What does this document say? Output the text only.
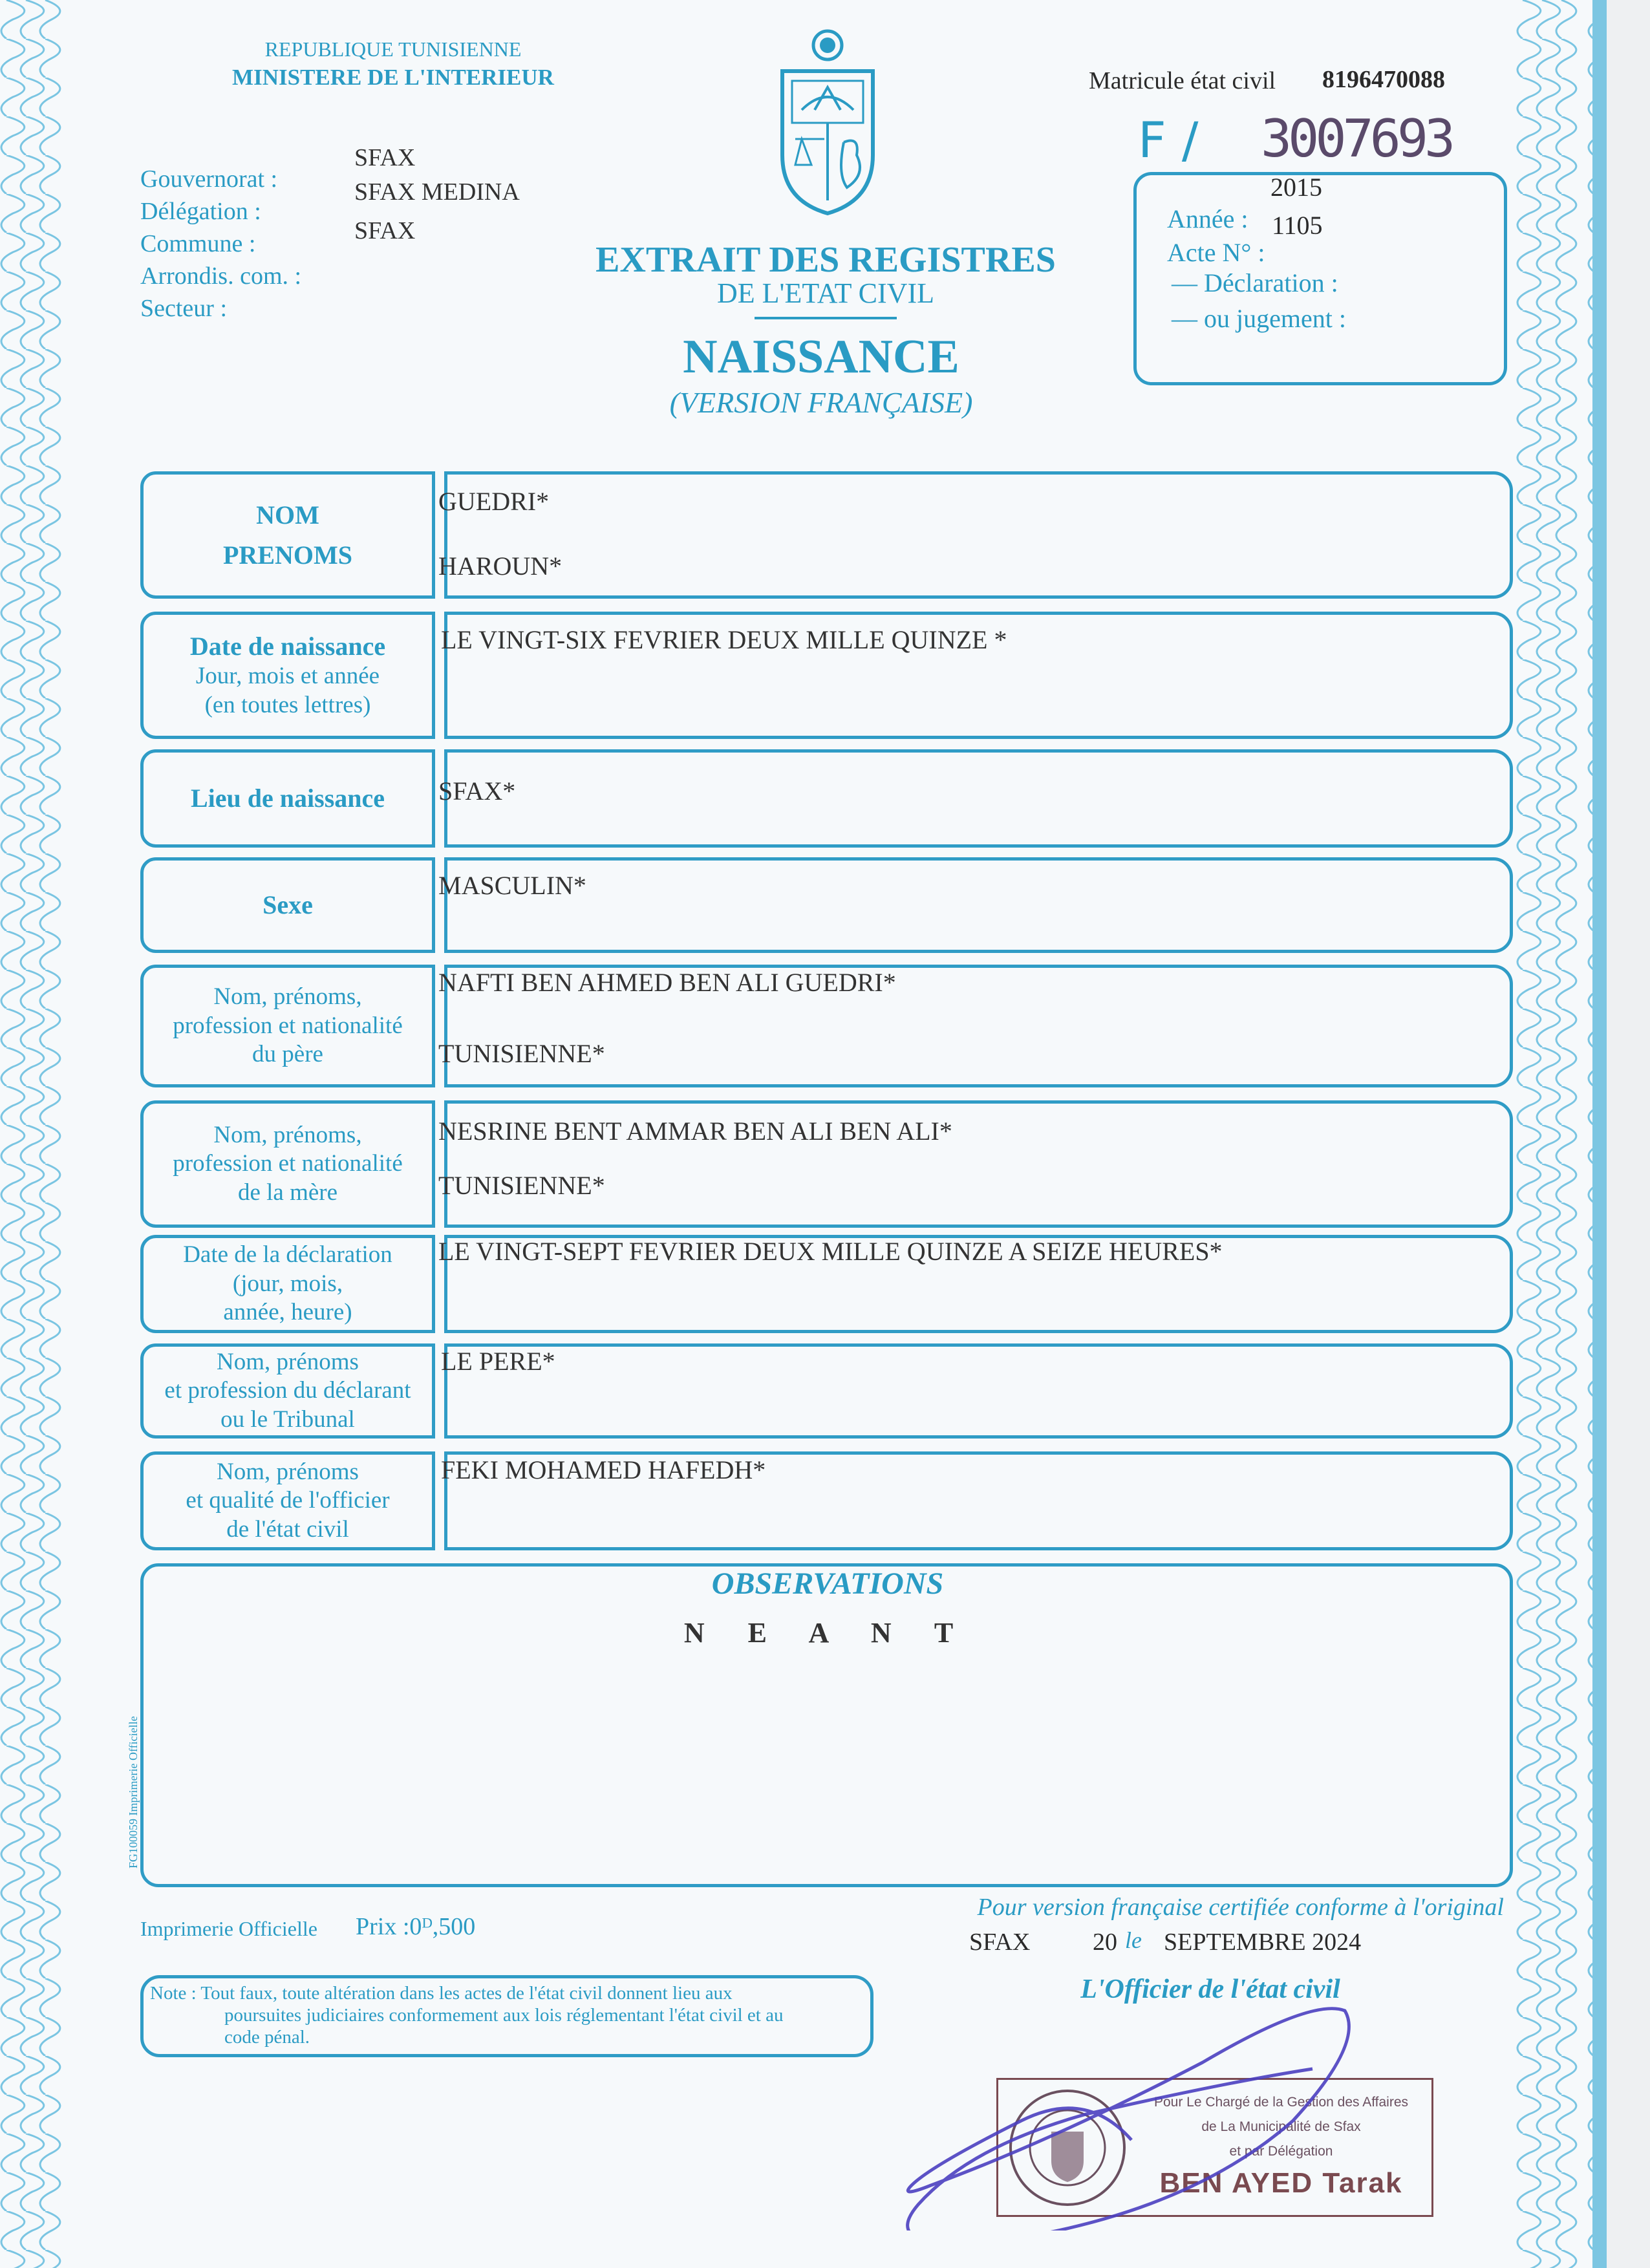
REPUBLIQUE TUNISIENNE
MINISTERE DE L'INTERIEUR
Gouvernorat :
Délégation :
Commune :
Arrondis. com. :
Secteur :
SFAX
SFAX MEDINA
SFAX
EXTRAIT DES REGISTRES
DE L'ETAT CIVIL
NAISSANCE
(VERSION FRANÇAISE)
Matricule état civil 8196470088
F / 3007693
2015
Année : 1105
Acte N° :
— Déclaration :
— ou jugement :
NOM
PRENOMS
GUEDRI*
HAROUN*
Date de naissance
Jour, mois et année
(en toutes lettres)
LE VINGT-SIX FEVRIER DEUX MILLE QUINZE *
Lieu de naissance SFAX*
Sexe
MASCULIN*
Nom, prénoms,
profession et nationalité
du père
NAFTI BEN AHMED BEN ALI GUEDRI*
TUNISIENNE*
Nom, prénoms,
profession et nationalité
de la mère
NESRINE BENT AMMAR BEN ALI BEN ALI*
TUNISIENNE*
Date de la déclaration
(jour, mois,
année, heure)
LE VINGT-SEPT FEVRIER DEUX MILLE QUINZE A SEIZE HEURES*
Nom, prénoms
et profession du déclarant
ou le Tribunal
LE PERE*
Nom, prénoms
et qualité de l'officier
de l'état civil
FEKI MOHAMED HAFEDH*
OBSERVATIONS
N E A N T
FG100059 Imprimerie Officielle
Imprimerie Officielle Prix :0ᴰ,500
Note : Tout faux, toute altération dans les actes de l'état civil donnent lieu aux
poursuites judiciaires conformement aux lois réglementant l'état civil et au
code pénal.
Pour version française certifiée conforme à l'original
SFAX	20 le SEPTEMBRE 2024
L'Officier de l'état civil
Pour Le Chargé de la Gestion des Affaires
de La Municipalité de Sfax
et par Délégation
BEN AYED Tarak
